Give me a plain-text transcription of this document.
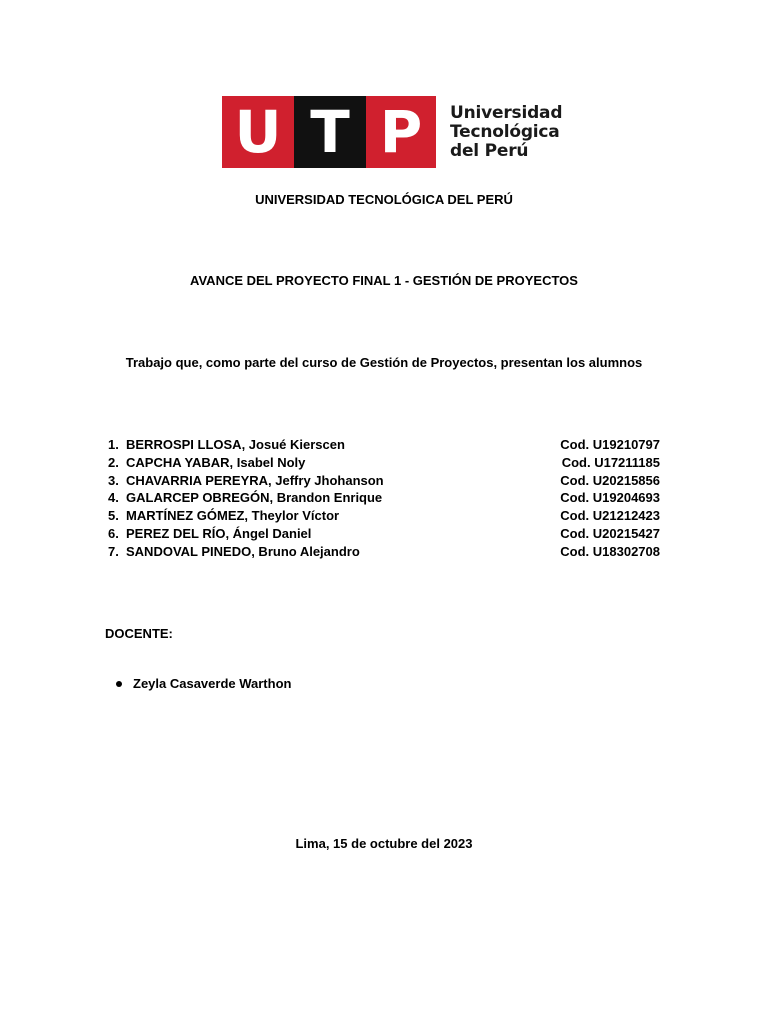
U T P	Universidad
Tecnológica
del Perú
UNIVERSIDAD TECNOLÓGICA DEL PERÚ
AVANCE DEL PROYECTO FINAL 1 - GESTIÓN DE PROYECTOS
Trabajo que, como parte del curso de Gestión de Proyectos, presentan los alumnos
1. BERROSPI LLOSA, Josué Kierscen	Cod. U19210797
2. CAPCHA YABAR, Isabel Noly	Cod. U17211185
3. CHAVARRIA PEREYRA, Jeffry Jhohanson	Cod. U20215856
4. GALARCEP OBREGÓN, Brandon Enrique	Cod. U19204693
5. MARTÍNEZ GÓMEZ, Theylor Víctor	Cod. U21212423
6. PEREZ DEL RÍO, Ángel Daniel	Cod. U20215427
7. SANDOVAL PINEDO, Bruno Alejandro	Cod. U18302708
DOCENTE:
Zeyla Casaverde Warthon
Lima, 15 de octubre del 2023
